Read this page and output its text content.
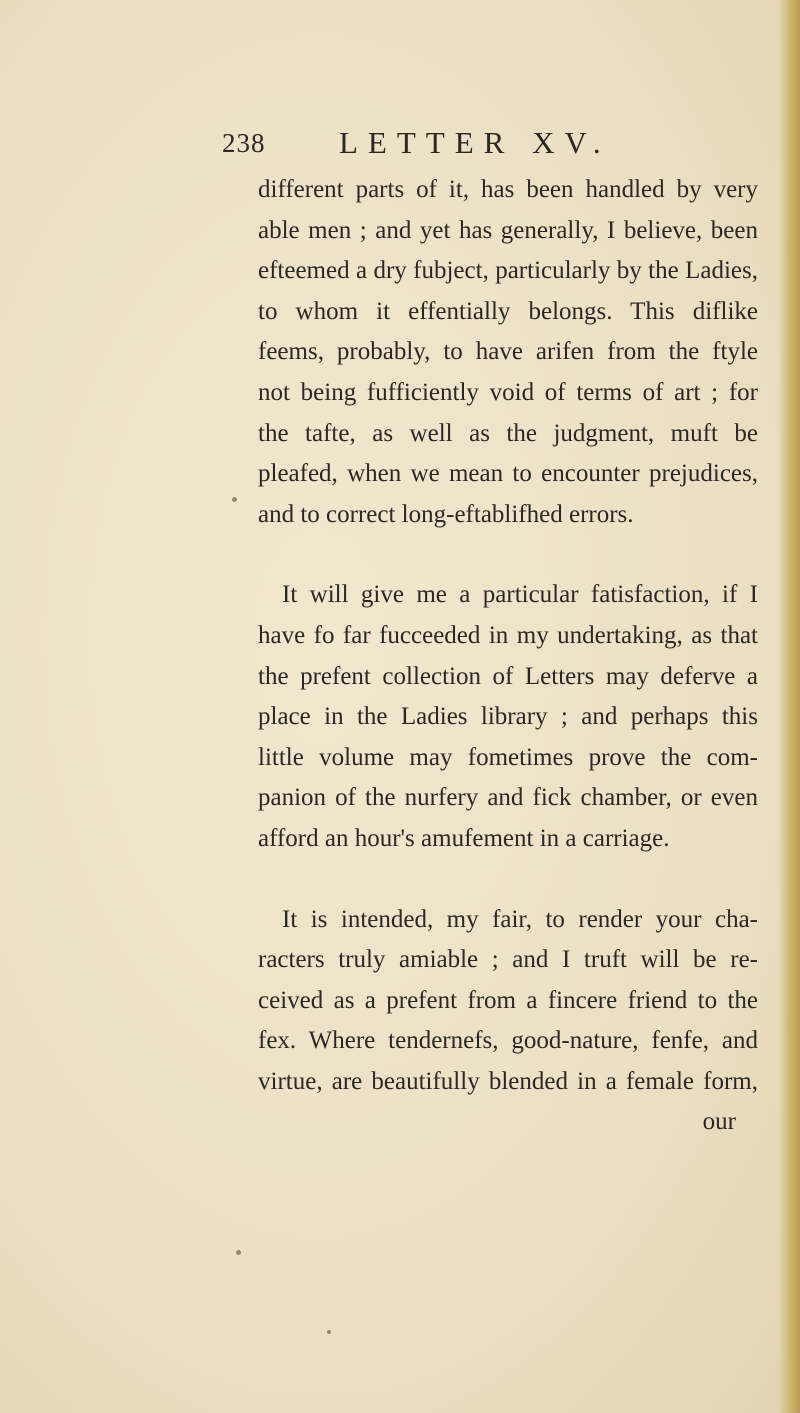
238 LETTER XV.
different parts of it, has been handled by very
able men ; and yet has generally, I believe, been
efteemed a dry fubject, particularly by the Ladies,
to whom it effentially belongs. This diflike
feems, probably, to have arifen from the ftyle
not being fufficiently void of terms of art ; for
the tafte, as well as the judgment, muft be
pleafed, when we mean to encounter prejudices,
and to correct long-eftablifhed errors.
It will give me a particular fatisfaction, if I
have fo far fucceeded in my undertaking, as that
the prefent collection of Letters may deferve a
place in the Ladies library ; and perhaps this
little volume may fometimes prove the com-
panion of the nurfery and fick chamber, or even
afford an hour's amufement in a carriage.
It is intended, my fair, to render your cha-
racters truly amiable ; and I truft will be re-
ceived as a prefent from a fincere friend to the
fex. Where tendernefs, good-nature, fenfe, and
virtue, are beautifully blended in a female form,
our
